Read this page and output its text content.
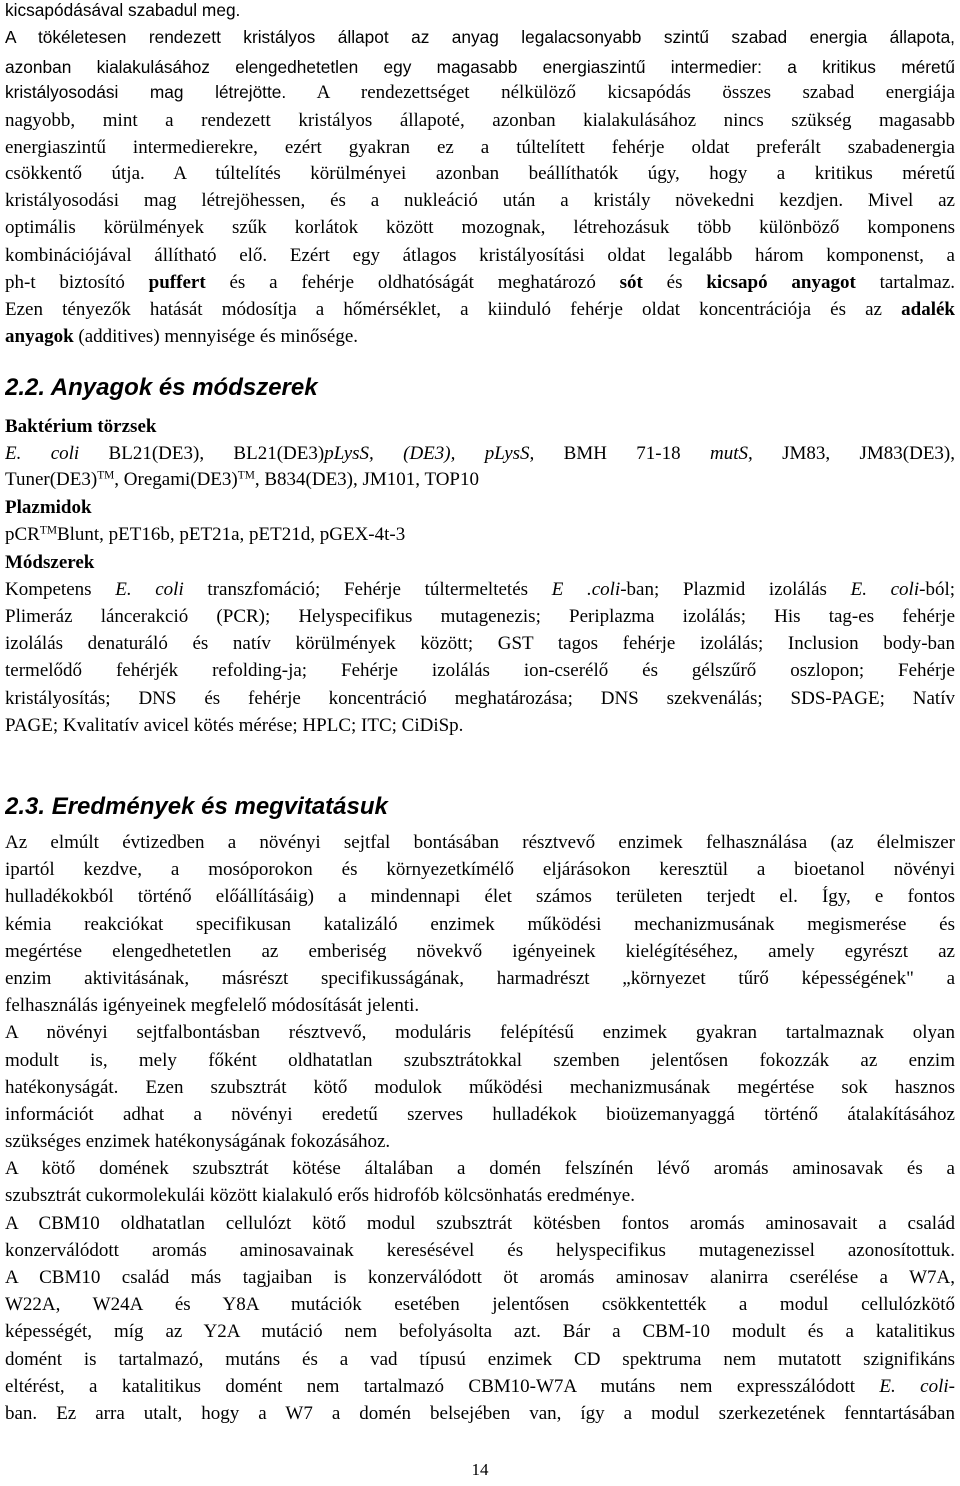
kicsapódásával szabadul meg.
A tökéletesen rendezett kristályos állapot az anyag legalacsonyabb szintű szabad energia állapota,
azonban kialakulásához elengedhetetlen egy magasabb energiaszintű intermedier: a kritikus méretű
kristályosodási mag létrejötte. A rendezettséget nélkülöző kicsapódás összes szabad energiája
nagyobb, mint a rendezett kristályos állapoté, azonban kialakulásához nincs szükség magasabb
energiaszintű intermedierekre, ezért gyakran ez a túltelített fehérje oldat preferált szabadenergia
csökkentő útja. A túltelítés körülményei azonban beállíthatók úgy, hogy a kritikus méretű
kristályosodási mag létrejöhessen, és a nukleáció után a kristály növekedni kezdjen. Mivel az
optimális körülmények szűk korlátok között mozognak, létrehozásuk több különböző komponens
kombinációjával állítható elő. Ezért egy átlagos kristályosítási oldat legalább három komponenst, a
ph-t biztosító puffert és a fehérje oldhatóságát meghatározó sót és kicsapó anyagot tartalmaz.
Ezen tényezők hatását módosítja a hőmérséklet, a kiinduló fehérje oldat koncentrációja és az adalék
anyagok (additives) mennyisége és minősége.
2.2. Anyagok és módszerek
Baktérium törzsek
E. coli BL21(DE3), BL21(DE3)pLysS, (DE3), pLysS, BMH 71-18 mutS, JM83, JM83(DE3),
Tuner(DE3)™, Oregami(DE3)™, B834(DE3), JM101, TOP10
Plazmidok
pCR™Blunt, pET16b, pET21a, pET21d, pGEX-4t-3
Módszerek
Kompetens E. coli transzfomáció; Fehérje túltermeltetés E .coli-ban; Plazmid izolálás E. coli-ból;
Plimeráz láncerakció (PCR); Helyspecifikus mutagenezis; Periplazma izolálás; His tag-es fehérje
izolálás denaturáló és natív körülmények között; GST tagos fehérje izolálás; Inclusion body-ban
termelődő fehérjék refolding-ja; Fehérje izolálás ion-cserélő és gélszűrő oszlopon; Fehérje
kristályosítás; DNS és fehérje koncentráció meghatározása; DNS szekvenálás; SDS-PAGE; Natív
PAGE; Kvalitatív avicel kötés mérése; HPLC; ITC; CiDiSp.
2.3. Eredmények és megvitatásuk
Az elmúlt évtizedben a növényi sejtfal bontásában résztvevő enzimek felhasználása (az élelmiszer
ipartól kezdve, a mosóporokon és környezetkímélő eljárásokon keresztül a bioetanol növényi
hulladékokból történő előállításáig) a mindennapi élet számos területen terjedt el. Így, e fontos
kémia reakciókat specifikusan katalizáló enzimek működési mechanizmusának megismerése és
megértése elengedhetetlen az emberiség növekvő igényeinek kielégítéséhez, amely egyrészt az
enzim aktivitásának, másrészt specifikusságának, harmadrészt „környezet tűrő képességének" a
felhasználás igényeinek megfelelő módosítását jelenti.
A növényi sejtfalbontásban résztvevő, moduláris felépítésű enzimek gyakran tartalmaznak olyan
modult is, mely főként oldhatatlan szubsztrátokkal szemben jelentősen fokozzák az enzim
hatékonyságát. Ezen szubsztrát kötő modulok működési mechanizmusának megértése sok hasznos
információt adhat a növényi eredetű szerves hulladékok bioüzemanyaggá történő átalakításához
szükséges enzimek hatékonyságának fokozásához.
A kötő domének szubsztrát kötése általában a domén felszínén lévő aromás aminosavak és a
szubsztrát cukormolekulái között kialakuló erős hidrofób kölcsönhatás eredménye.
A CBM10 oldhatatlan cellulózt kötő modul szubsztrát kötésben fontos aromás aminosavait a család
konzerválódott aromás aminosavainak keresésével és helyspecifikus mutagenezissel azonosítottuk.
A CBM10 család más tagjaiban is konzerválódott öt aromás aminosav alanirra cserélése a W7A,
W22A, W24A és Y8A mutációk esetében jelentősen csökkentették a modul cellulózkötő
képességét, míg az Y2A mutáció nem befolyásolta azt. Bár a CBM-10 modult és a katalitikus
domént is tartalmazó, mutáns és a vad típusú enzimek CD spektruma nem mutatott szignifikáns
eltérést, a katalitikus domént nem tartalmazó CBM10-W7A mutáns nem expresszálódott E. coli-
ban. Ez arra utalt, hogy a W7 a domén belsejében van, így a modul szerkezetének fenntartásában
14
